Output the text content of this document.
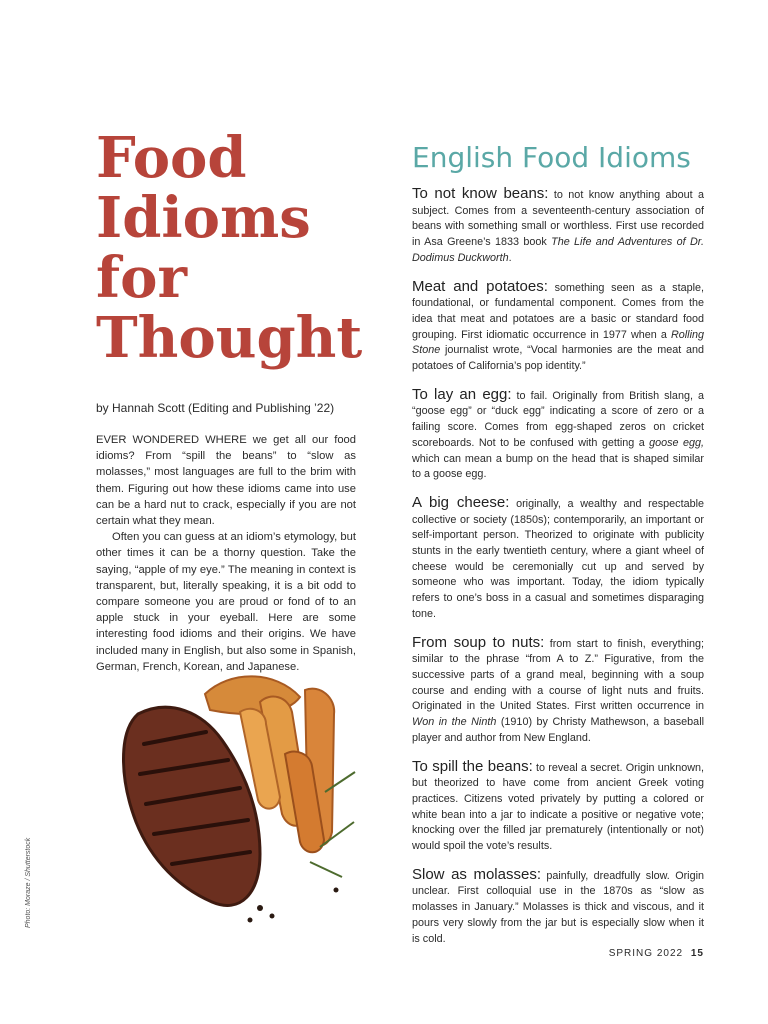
Food
Idioms
for
Thought

by Hannah Scott (Editing and Publishing ’22)

EVER WONDERED WHERE we get all our food idioms? From “spill the beans” to “slow as molasses,” most languages are full to the brim with them. Figuring out how these idioms came into use can be a hard nut to crack, especially if you are not certain what they mean.

Often you can guess at an idiom’s etymology, but other times it can be a thorny question. Take the saying, “apple of my eye.” The meaning in context is transparent, but, literally speaking, it is a bit odd to compare someone you are proud or fond of to an apple stuck in your eyeball. Here are some interesting food idioms and their origins. We have included many in English, but also some in Spanish, German, French, Korean, and Japanese.

Photo: Moraze / Shutterstock
English Food Idioms

To not know beans: to not know anything about a subject. Comes from a seventeenth-century association of beans with something small or worthless. First use recorded in Asa Greene’s 1833 book The Life and Adventures of Dr. Dodimus Duckworth.

Meat and potatoes: something seen as a staple, foundational, or fundamental component. Comes from the idea that meat and potatoes are a basic or standard food grouping. First idiomatic occurrence in 1977 when a Rolling Stone journalist wrote, “Vocal harmonies are the meat and potatoes of California’s pop identity.”

To lay an egg: to fail. Originally from British slang, a “goose egg” or “duck egg” indicating a score of zero or a failing score. Comes from egg-shaped zeros on cricket scoreboards. Not to be confused with getting a goose egg, which can mean a bump on the head that is shaped similar to a goose egg.

A big cheese: originally, a wealthy and respectable collective or society (1850s); contemporarily, an important or self-important person. Theorized to originate with publicity stunts in the early twentieth century, where a giant wheel of cheese would be ceremonially cut up and served by someone who was important. Today, the idiom typically refers to one’s boss in a casual and sometimes disparaging tone.

From soup to nuts: from start to finish, everything; similar to the phrase “from A to Z.” Figurative, from the successive parts of a grand meal, beginning with a soup course and ending with a course of light nuts and fruits. Originated in the United States. First written occurrence in Won in the Ninth (1910) by Christy Mathewson, a baseball player and author from New England.

To spill the beans: to reveal a secret. Origin unknown, but theorized to have come from ancient Greek voting practices. Citizens voted privately by putting a colored or white bean into a jar to indicate a positive or negative vote; knocking over the filled jar prematurely (intentionally or not) would spoil the vote’s results.

Slow as molasses: painfully, dreadfully slow. Origin unclear. First colloquial use in the 1870s as “slow as molasses in January.” Molasses is thick and viscous, and it pours very slowly from the jar but is especially slow when it is cold.

SPRING 2022 15
